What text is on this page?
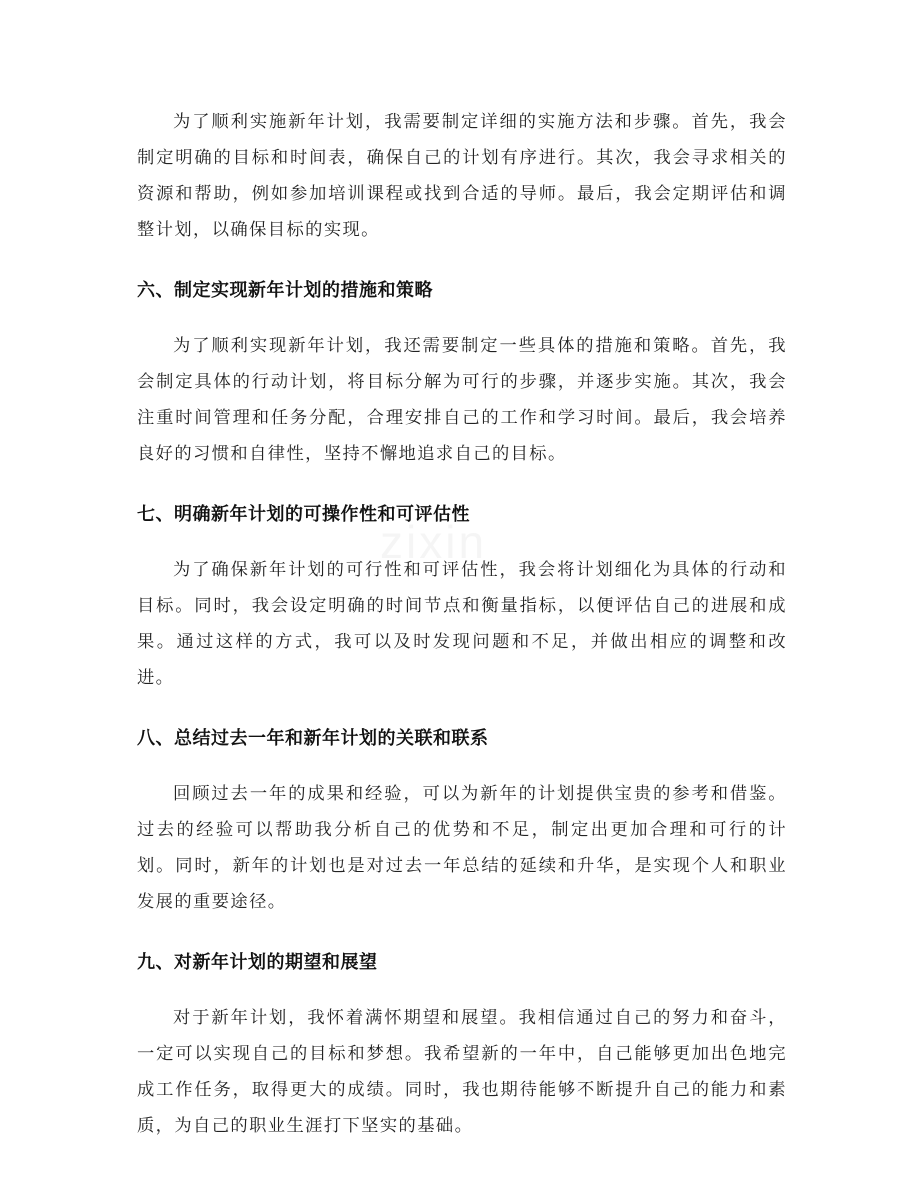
zixin

为了顺利实施新年计划，我需要制定详细的实施方法和步骤。首先，我会制定明确的目标和时间表，确保自己的计划有序进行。其次，我会寻求相关的资源和帮助，例如参加培训课程或找到合适的导师。最后，我会定期评估和调整计划，以确保目标的实现。

六、制定实现新年计划的措施和策略

为了顺利实现新年计划，我还需要制定一些具体的措施和策略。首先，我会制定具体的行动计划，将目标分解为可行的步骤，并逐步实施。其次，我会注重时间管理和任务分配，合理安排自己的工作和学习时间。最后，我会培养良好的习惯和自律性，坚持不懈地追求自己的目标。

七、明确新年计划的可操作性和可评估性

为了确保新年计划的可行性和可评估性，我会将计划细化为具体的行动和目标。同时，我会设定明确的时间节点和衡量指标，以便评估自己的进展和成果。通过这样的方式，我可以及时发现问题和不足，并做出相应的调整和改进。

八、总结过去一年和新年计划的关联和联系

回顾过去一年的成果和经验，可以为新年的计划提供宝贵的参考和借鉴。过去的经验可以帮助我分析自己的优势和不足，制定出更加合理和可行的计划。同时，新年的计划也是对过去一年总结的延续和升华，是实现个人和职业发展的重要途径。

九、对新年计划的期望和展望

对于新年计划，我怀着满怀期望和展望。我相信通过自己的努力和奋斗，一定可以实现自己的目标和梦想。我希望新的一年中，自己能够更加出色地完成工作任务，取得更大的成绩。同时，我也期待能够不断提升自己的能力和素质，为自己的职业生涯打下坚实的基础。
